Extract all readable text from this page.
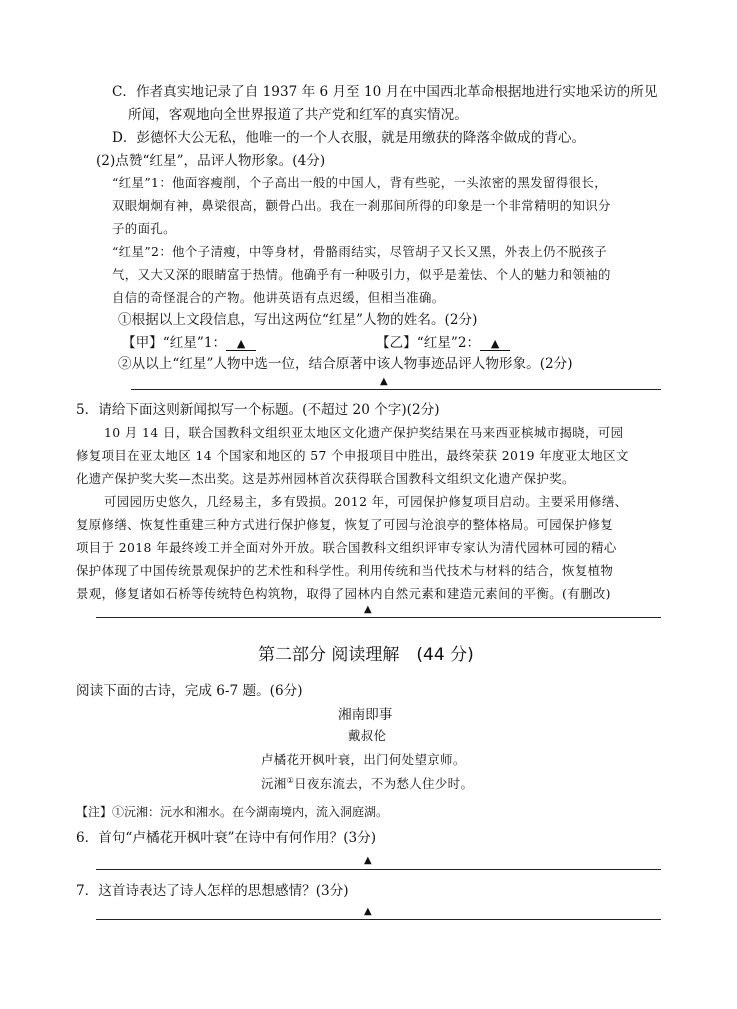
C．作者真实地记录了自 1937 年 6 月至 10 月在中国西北革命根据地进行实地采访的所见
所闻，客观地向全世界报道了共产党和红军的真实情况。
D．彭德怀大公无私，他唯一的一个人衣服，就是用缴获的降落伞做成的背心。
(2)点赞“红星”，品评人物形象。(4分)
“红星”1：他面容瘦削，个子高出一般的中国人，背有些驼，一头浓密的黑发留得很长，
双眼炯炯有神，鼻梁很高，颧骨凸出。我在一刹那间所得的印象是一个非常精明的知识分
子的面孔。
“红星”2：他个子清瘦，中等身材，骨骼雨结实，尽管胡子又长又黑，外表上仍不脱孩子
气，又大又深的眼睛富于热情。他确乎有一种吸引力，似乎是羞怯、个人的魅力和领袖的
自信的奇怪混合的产物。他讲英语有点迟缓，但相当准确。
①根据以上文段信息，写出这两位“红星”人物的姓名。(2分)
【甲】“红星”1： ▲	【乙】“红星”2： ▲
②从以上“红星”人物中选一位，结合原著中该人物事迹品评人物形象。(2分)
▲
5．请给下面这则新闻拟写一个标题。(不超过 20 个字)(2分)
10 月 14 日，联合国教科文组织亚太地区文化遗产保护奖结果在马来西亚槟城市揭晓，可园
修复项目在亚太地区 14 个国家和地区的 57 个申报项目中胜出，最终荣获 2019 年度亚太地区文
化遗产保护奖大奖—杰出奖。这是苏州园林首次获得联合国教科文组织文化遗产保护奖。
可园园历史悠久，几经易主，多有毁损。2012 年，可园保护修复项目启动。主要采用修缮、
复原修缮、恢复性重建三种方式进行保护修复，恢复了可园与沧浪亭的整体格局。可园保护修复
项目于 2018 年最终竣工并全面对外开放。联合国教科文组织评审专家认为清代园林可园的精心
保护体现了中国传统景观保护的艺术性和科学性。利用传统和当代技术与材料的结合，恢复植物
景观，修复诸如石桥等传统特色构筑物，取得了园林内自然元素和建造元素间的平衡。(有删改)
▲
第二部分 阅读理解　(44 分)
阅读下面的古诗，完成 6-7 题。(6分)
湘南即事
戴叔伦
卢橘花开枫叶衰，出门何处望京师。
沅湘①日夜东流去，不为愁人住少时。
【注】①沅湘：沅水和湘水。在今湖南境内，流入洞庭湖。
6．首句“卢橘花开枫叶衰”在诗中有何作用？(3分)
▲
7．这首诗表达了诗人怎样的思想感情？(3分)
▲
